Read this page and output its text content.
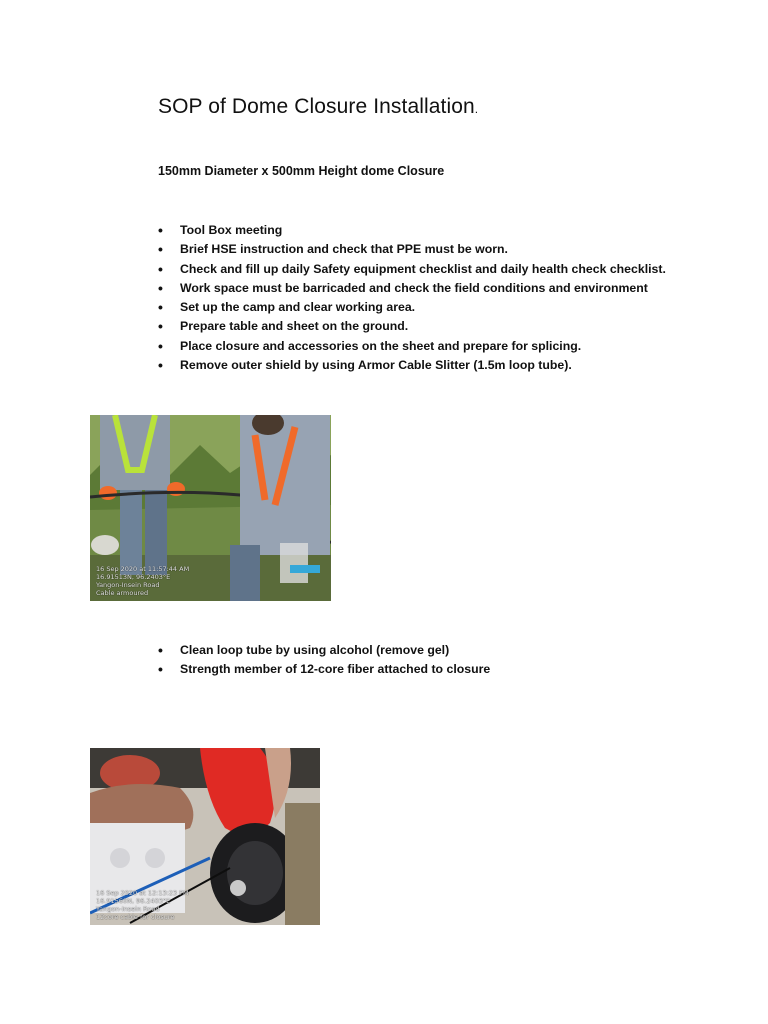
SOP of Dome Closure Installation.

150mm Diameter x 500mm Height dome Closure

• Tool Box meeting
• Brief HSE instruction and check that PPE must be worn.
• Check and fill up daily Safety equipment checklist and daily health check checklist.
• Work space must be barricaded and check the field conditions and environment
• Set up the camp and clear working area.
• Prepare table and sheet on the ground.
• Place closure and accessories on the sheet and prepare for splicing.
• Remove outer shield by using Armor Cable Slitter (1.5m loop tube).
16 Sep 2020 at 11:57:44 AM
16.91513N, 96.2403°E
Yangon-Insein Road
Cable armoured
• Clean loop tube by using alcohol (remove gel)
• Strength member of 12-core fiber attached to closure
16 Sep 2020 at 12:13:23 PM
16.91560N, 96.2403°E
Yangon-Insein Road
12core cable for closure
